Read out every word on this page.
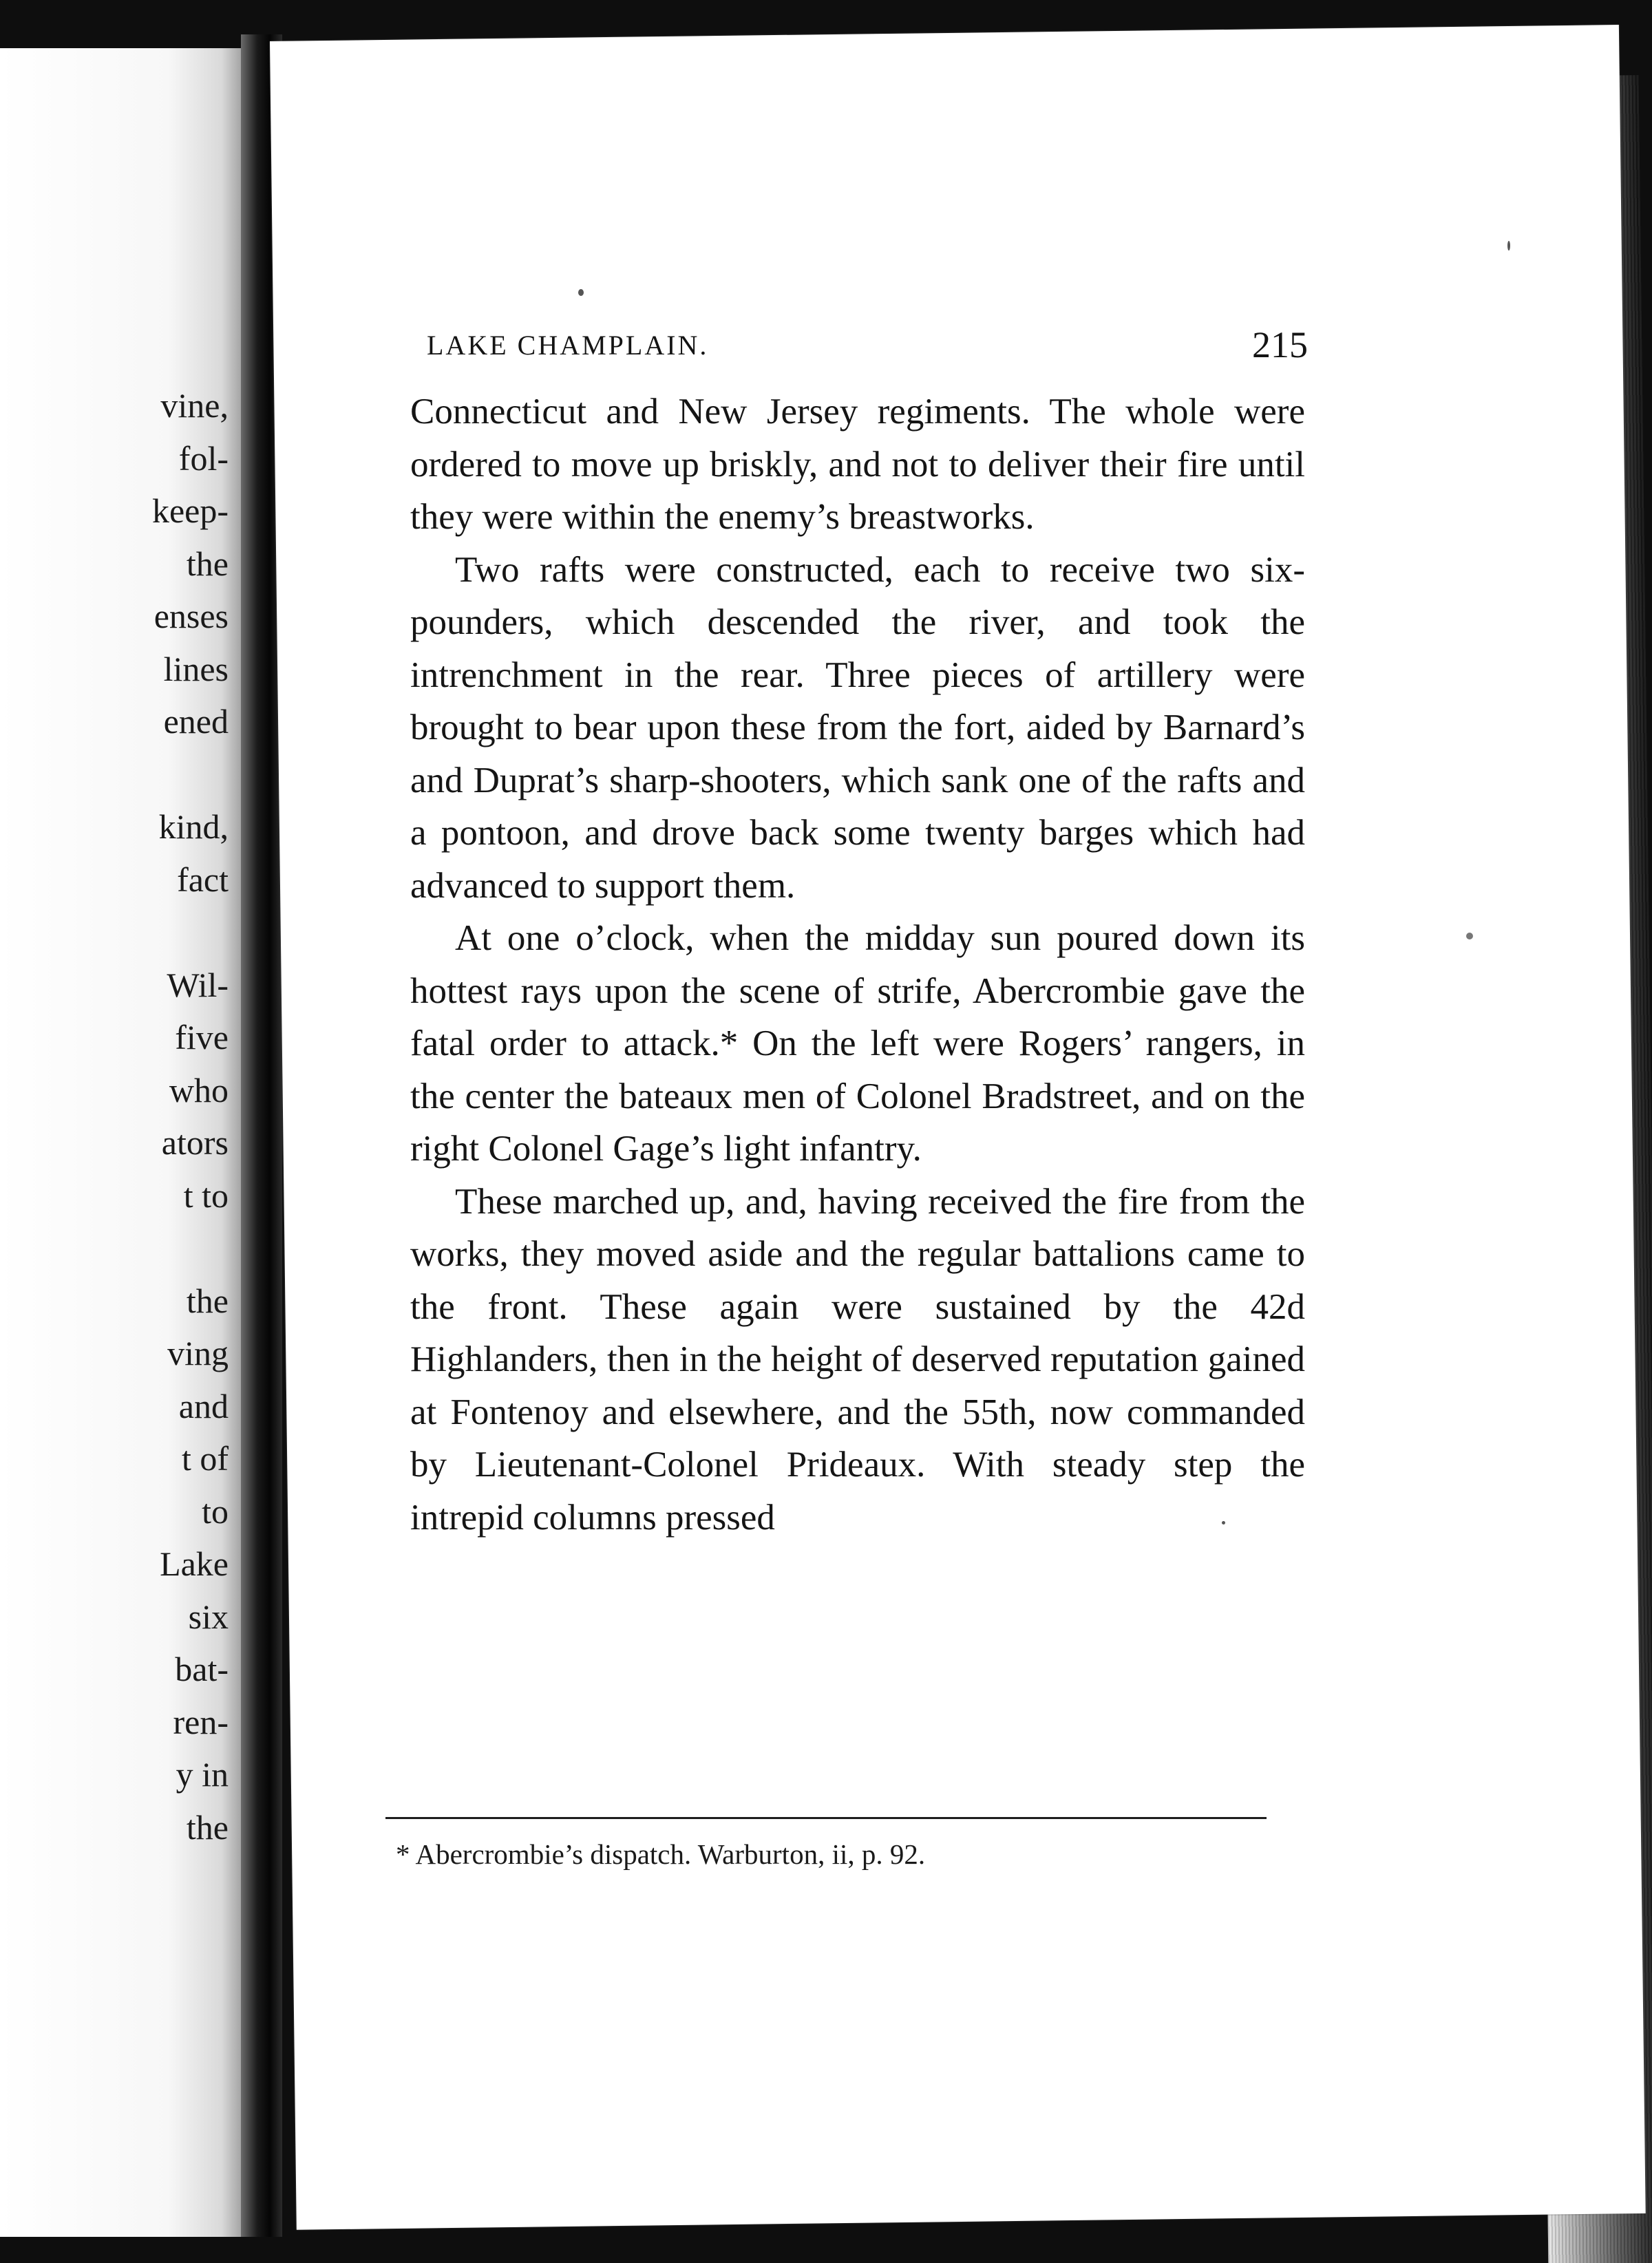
vine,
fol-
keep-
the
enses
lines
ened
kind,
fact
Wil-
five
who
ators
t to
the
ving
and
t of
to
Lake
six
bat-
ren-
y in
the
LAKE CHAMPLAIN.	215

Connecticut and New Jersey regiments. The whole were ordered to move up briskly, and not to deliver their fire until they were within the enemy’s breastworks.

Two rafts were constructed, each to receive two six-pounders, which descended the river, and took the intrenchment in the rear. Three pieces of artillery were brought to bear upon these from the fort, aided by Barnard’s and Duprat’s sharp-shooters, which sank one of the rafts and a pontoon, and drove back some twenty barges which had advanced to support them.

At one o’clock, when the midday sun poured down its hottest rays upon the scene of strife, Abercrombie gave the fatal order to attack.* On the left were Rogers’ rangers, in the center the bateaux men of Colonel Bradstreet, and on the right Colonel Gage’s light infantry.

These marched up, and, having received the fire from the works, they moved aside and the regular battalions came to the front. These again were sustained by the 42d Highlanders, then in the height of deserved reputation gained at Fontenoy and elsewhere, and the 55th, now commanded by Lieutenant-Colonel Prideaux. With steady step the intrepid columns pressed

* Abercrombie’s dispatch. Warburton, ii, p. 92.
